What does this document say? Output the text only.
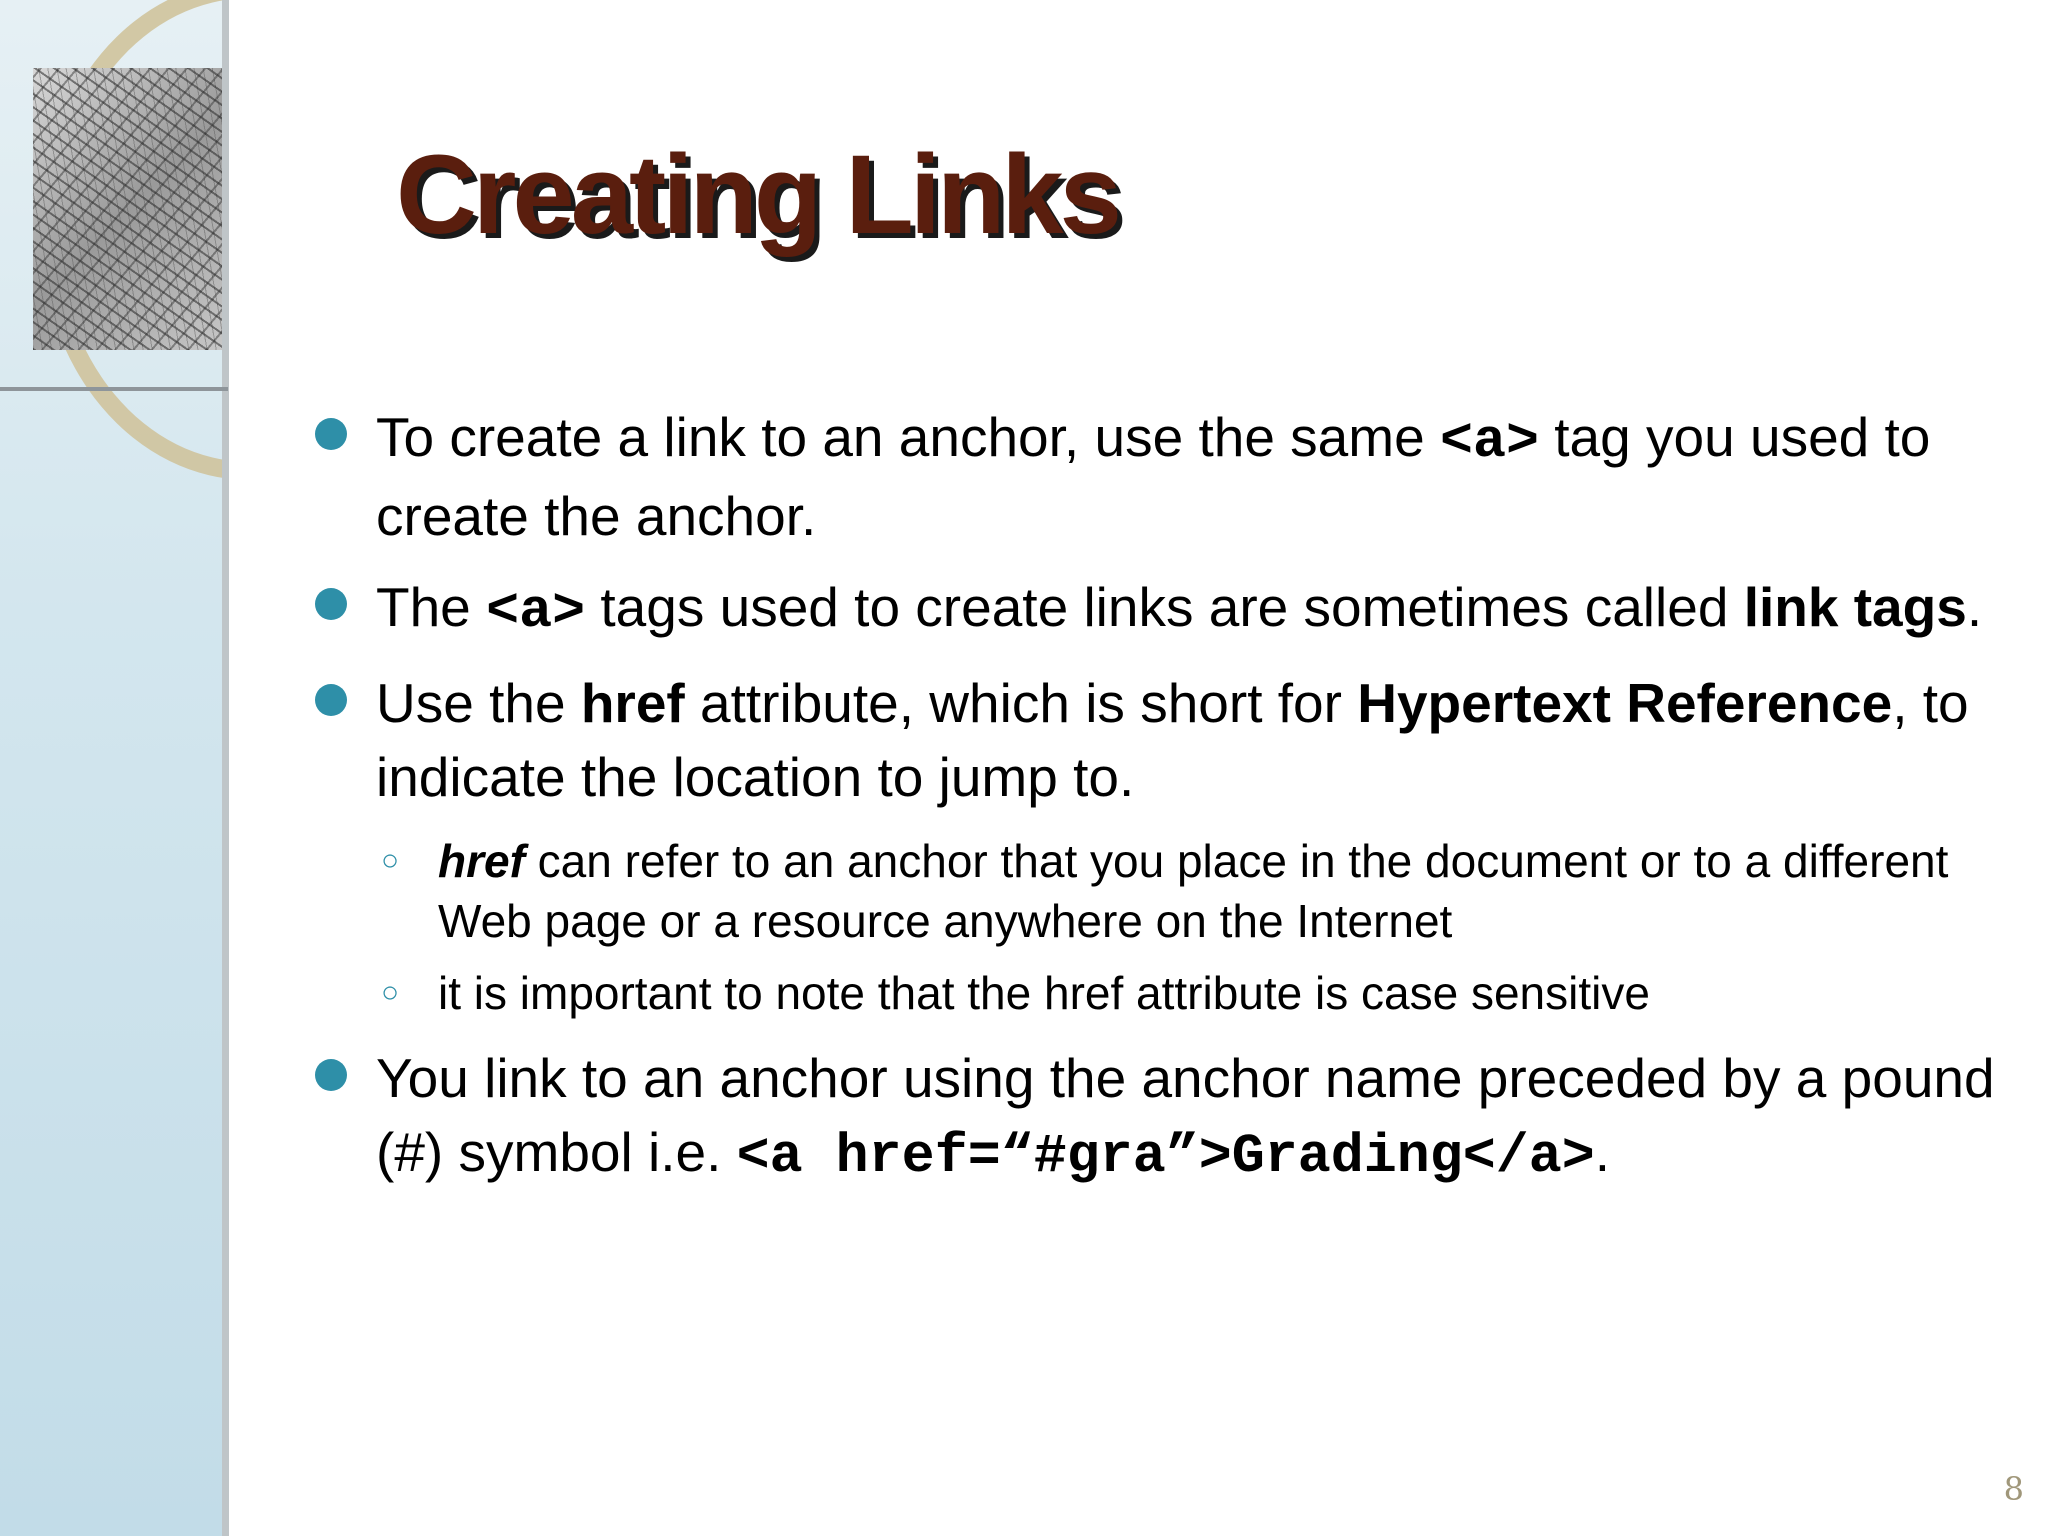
Creating Links
To create a link to an anchor, use the same <a> tag you used to create the anchor.
The <a> tags used to create links are sometimes called link tags.
Use the href attribute, which is short for Hypertext Reference, to indicate the location to jump to.
○ href can refer to an anchor that you place in the document or to a different Web page or a resource anywhere on the Internet
○ it is important to note that the href attribute is case sensitive
You link to an anchor using the anchor name preceded by a pound (#) symbol i.e. <a href=“#gra”>Grading</a>.
8
